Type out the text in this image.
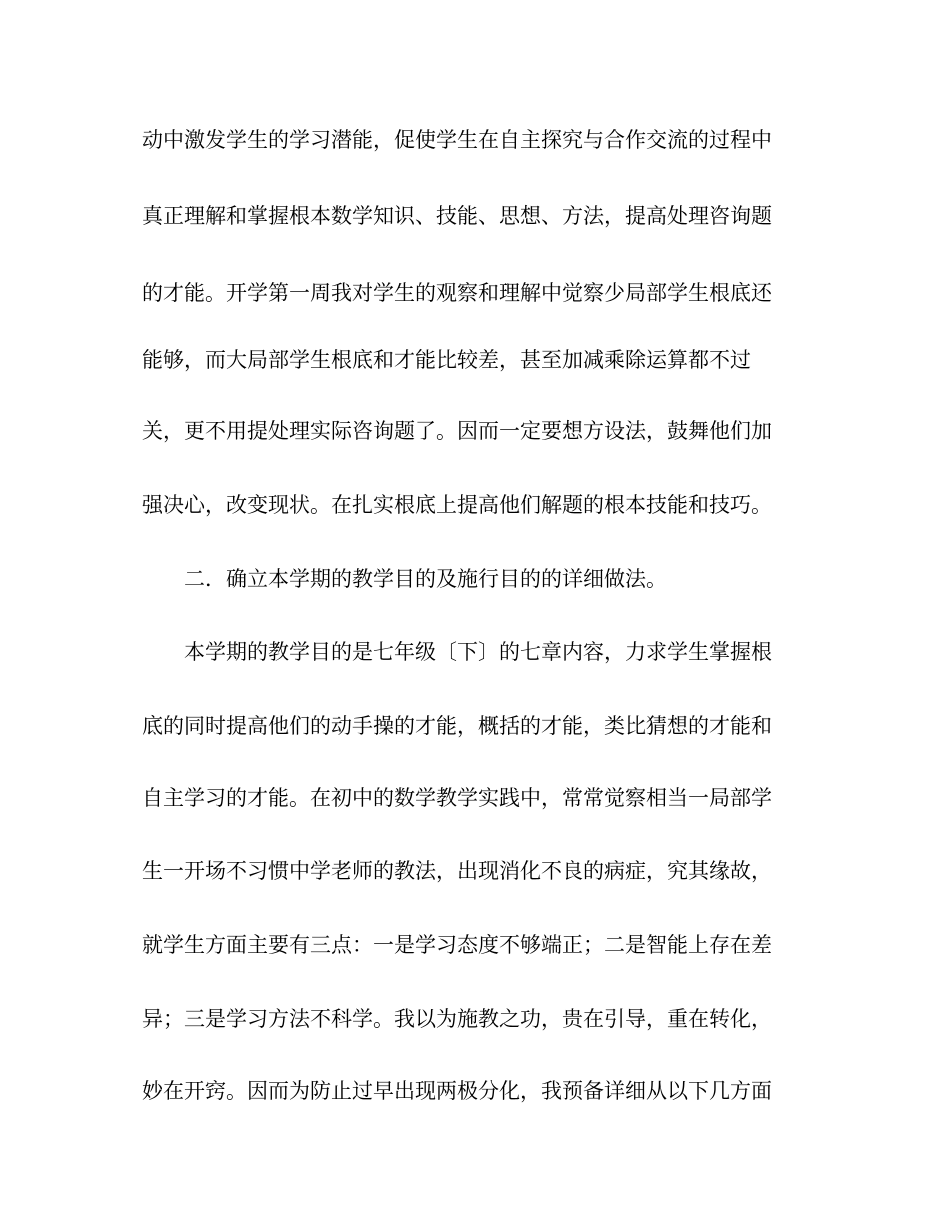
动中激发学生的学习潜能，促使学生在自主探究与合作交流的过程中
真正理解和掌握根本数学知识、技能、思想、方法，提高处理咨询题
的才能。开学第一周我对学生的观察和理解中觉察少局部学生根底还
能够，而大局部学生根底和才能比较差，甚至加减乘除运算都不过
关，更不用提处理实际咨询题了。因而一定要想方设法，鼓舞他们加
强决心，改变现状。在扎实根底上提高他们解题的根本技能和技巧。
二．确立本学期的教学目的及施行目的的详细做法。
本学期的教学目的是七年级〔下〕的七章内容，力求学生掌握根
底的同时提高他们的动手操的才能，概括的才能，类比猜想的才能和
自主学习的才能。在初中的数学教学实践中，常常觉察相当一局部学
生一开场不习惯中学老师的教法，出现消化不良的病症，究其缘故，
就学生方面主要有三点：一是学习态度不够端正；二是智能上存在差
异；三是学习方法不科学。我以为施教之功，贵在引导，重在转化，
妙在开窍。因而为防止过早出现两极分化，我预备详细从以下几方面
